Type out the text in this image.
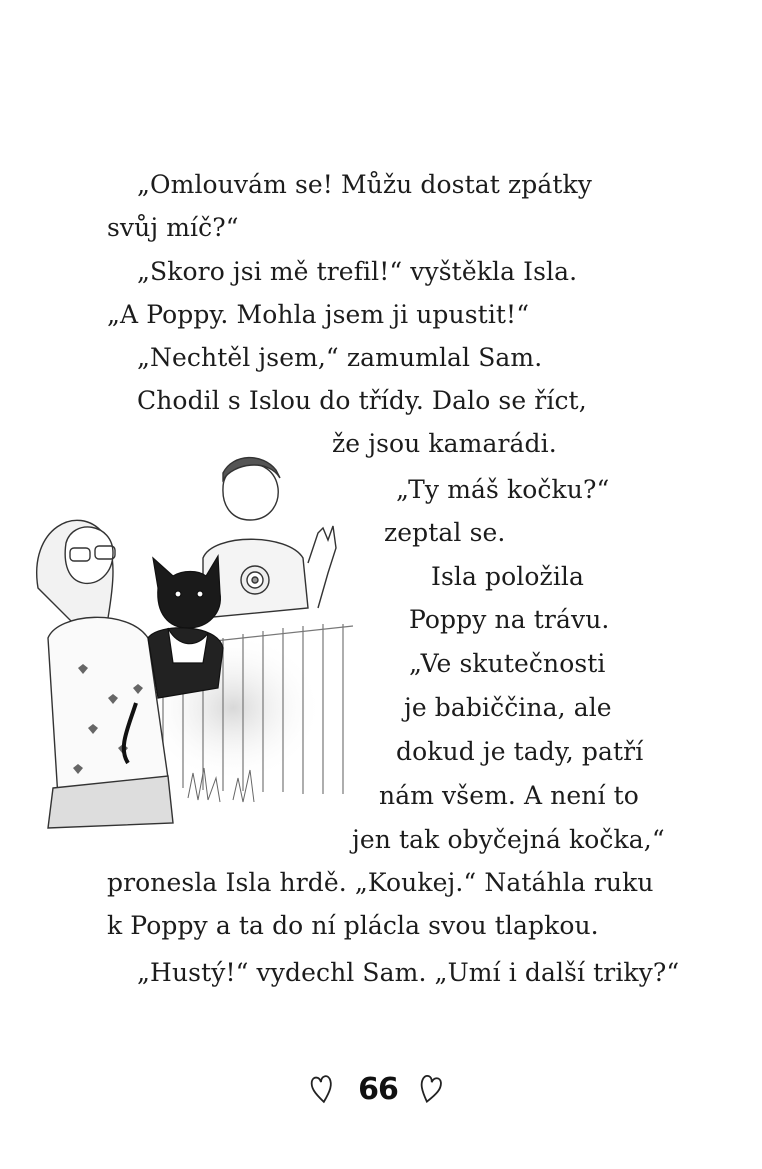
„Omlouvám se! Můžu dostat zpátky
svůj míč?“
„Skoro jsi mě trefil!“ vyštěkla Isla.
„A Poppy. Mohla jsem ji upustit!“
„Nechtěl jsem,“ zamumlal Sam.
Chodil s Islou do třídy. Dalo se říct,
že jsou kamarádi.
„Ty máš kočku?“
zeptal se.
Isla položila
Poppy na trávu.
„Ve skutečnosti
je babiččina, ale
dokud je tady, patří
nám všem. A není to
jen tak obyčejná kočka,“
pronesla Isla hrdě. „Koukej.“ Natáhla ruku
k Poppy a ta do ní plácla svou tlapkou.
„Hustý!“ vydechl Sam. „Umí i další triky?“
66
